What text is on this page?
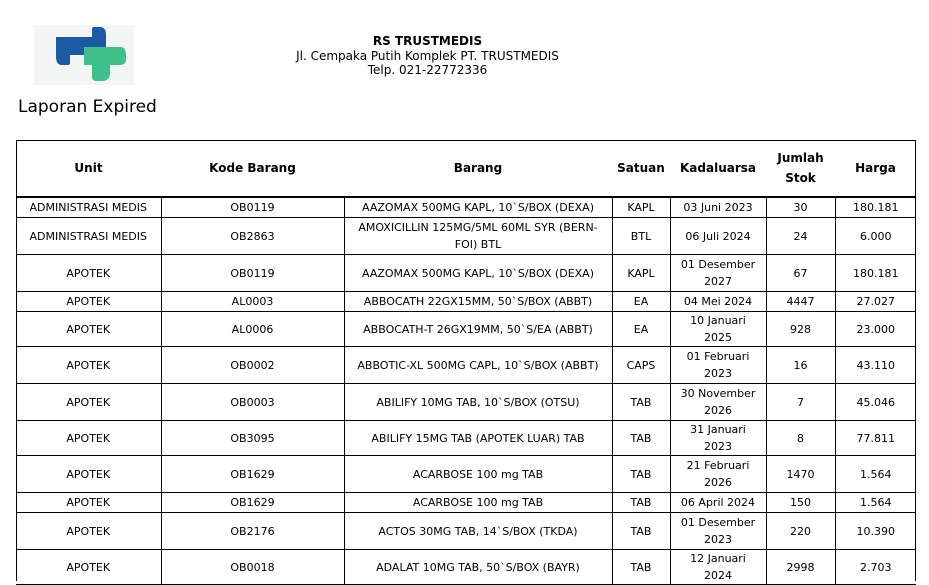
RS TRUSTMEDIS
Jl. Cempaka Putih Komplek PT. TRUSTMEDIS
Telp. 021-22772336
Laporan Expired
Unit	Kode Barang	Barang	Satuan	Kadaluarsa	Jumlah Stok	Harga
ADMINISTRASI MEDIS	OB0119	AAZOMAX 500MG KAPL, 10`S/BOX (DEXA)	KAPL	03 Juni 2023	30	180.181
ADMINISTRASI MEDIS	OB2863	AMOXICILLIN 125MG/5ML 60ML SYR (BERN-FOI) BTL	BTL	06 Juli 2024	24	6.000
APOTEK	OB0119	AAZOMAX 500MG KAPL, 10`S/BOX (DEXA)	KAPL	01 Desember 2027	67	180.181
APOTEK	AL0003	ABBOCATH 22GX15MM, 50`S/BOX (ABBT)	EA	04 Mei 2024	4447	27.027
APOTEK	AL0006	ABBOCATH-T 26GX19MM, 50`S/EA (ABBT)	EA	10 Januari 2025	928	23.000
APOTEK	OB0002	ABBOTIC-XL 500MG CAPL, 10`S/BOX (ABBT)	CAPS	01 Februari 2023	16	43.110
APOTEK	OB0003	ABILIFY 10MG TAB, 10`S/BOX (OTSU)	TAB	30 November 2026	7	45.046
APOTEK	OB3095	ABILIFY 15MG TAB (APOTEK LUAR) TAB	TAB	31 Januari 2023	8	77.811
APOTEK	OB1629	ACARBOSE 100 mg TAB	TAB	21 Februari 2026	1470	1.564
APOTEK	OB1629	ACARBOSE 100 mg TAB	TAB	06 April 2024	150	1.564
APOTEK	OB2176	ACTOS 30MG TAB, 14`S/BOX (TKDA)	TAB	01 Desember 2023	220	10.390
APOTEK	OB0018	ADALAT 10MG TAB, 50`S/BOX (BAYR)	TAB	12 Januari 2024	2998	2.703
